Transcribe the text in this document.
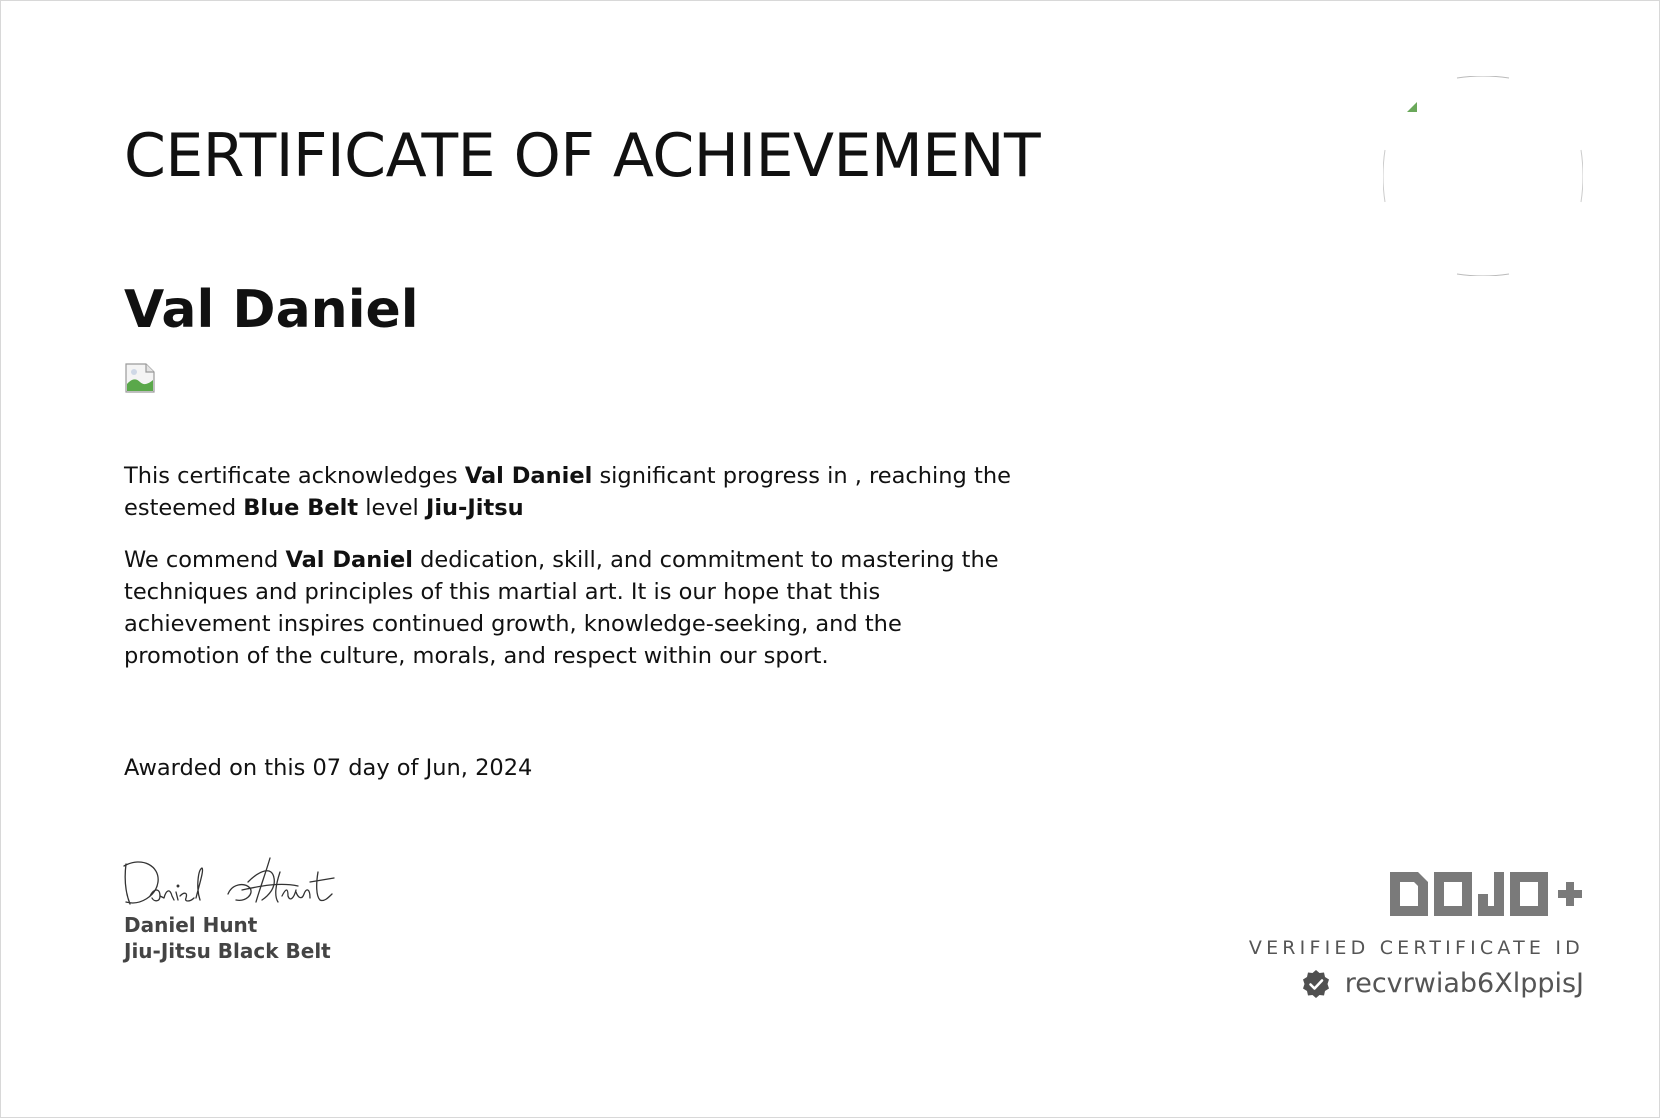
CERTIFICATE OF ACHIEVEMENT
Val Daniel

This certificate acknowledges Val Daniel significant progress in , reaching the esteemed Blue Belt level Jiu-Jitsu

We commend Val Daniel dedication, skill, and commitment to mastering the techniques and principles of this martial art. It is our hope that this achievement inspires continued growth, knowledge-seeking, and the promotion of the culture, morals, and respect within our sport.

Awarded on this 07 day of Jun, 2024
Daniel Hunt
Jiu-Jitsu Black Belt	VERIFIED CERTIFICATE ID
recvrwiab6XlppisJ
